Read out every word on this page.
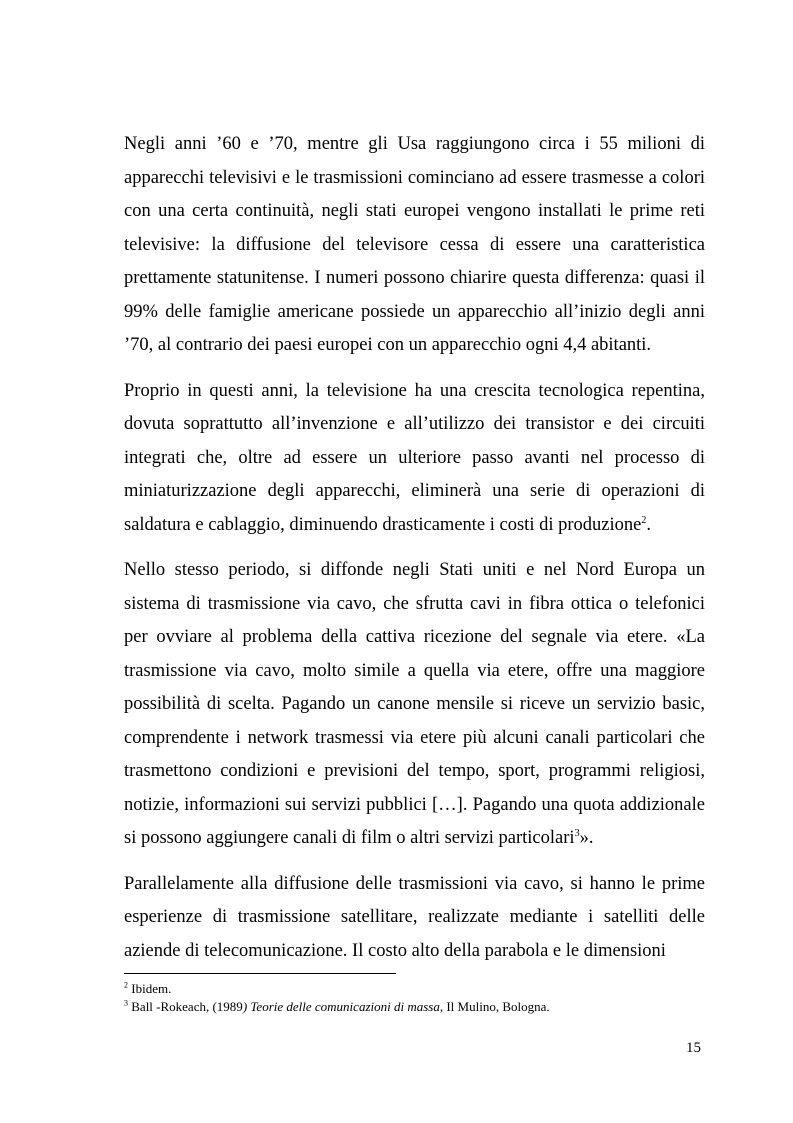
Negli anni ’60 e ’70, mentre gli Usa raggiungono circa i 55 milioni di apparecchi televisivi e le trasmissioni cominciano ad essere trasmesse a colori con una certa continuità, negli stati europei vengono installati le prime reti televisive: la diffusione del televisore cessa di essere una caratteristica prettamente statunitense. I numeri possono chiarire questa differenza: quasi il 99% delle famiglie americane possiede un apparecchio all’inizio degli anni ’70, al contrario dei paesi europei con un apparecchio ogni 4,4 abitanti.

Proprio in questi anni, la televisione ha una crescita tecnologica repentina, dovuta soprattutto all’invenzione e all’utilizzo dei transistor e dei circuiti integrati che, oltre ad essere un ulteriore passo avanti nel processo di miniaturizzazione degli apparecchi, eliminerà una serie di operazioni di saldatura e cablaggio, diminuendo drasticamente i costi di produzione$^2$.

Nello stesso periodo, si diffonde negli Stati uniti e nel Nord Europa un sistema di trasmissione via cavo, che sfrutta cavi in fibra ottica o telefonici per ovviare al problema della cattiva ricezione del segnale via etere. «La trasmissione via cavo, molto simile a quella via etere, offre una maggiore possibilità di scelta. Pagando un canone mensile si riceve un servizio basic, comprendente i network trasmessi via etere più alcuni canali particolari che trasmettono condizioni e previsioni del tempo, sport, programmi religiosi, notizie, informazioni sui servizi pubblici […]. Pagando una quota addizionale si possono aggiungere canali di film o altri servizi particolari$^3$».

Parallelamente alla diffusione delle trasmissioni via cavo, si hanno le prime esperienze di trasmissione satellitare, realizzate mediante i satelliti delle aziende di telecomunicazione. Il costo alto della parabola e le dimensioni

$^2$ Ibidem.

$^3$ Ball -Rokeach, (1989) Teorie delle comunicazioni di massa, Il Mulino, Bologna.

15
